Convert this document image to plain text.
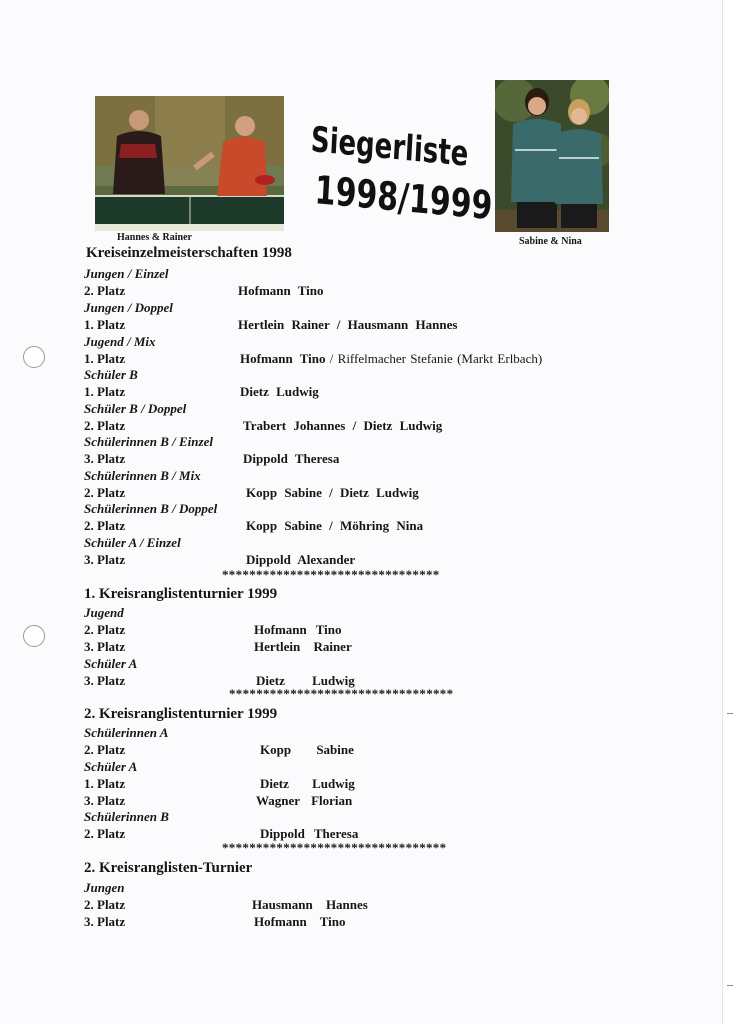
Hannes & Rainer	Sabine & Nina
Siegerliste
1998/1999
Kreiseinzelmeisterschaften 1998
Jungen / Einzel
2. Platz	Hofmann Tino
Jungen / Doppel
1. Platz	Hertlein Rainer / Hausmann Hannes
Jugend / Mix
1. Platz	Hofmann Tino / Riffelmacher Stefanie (Markt Erlbach)
Schüler B
1. Platz	Dietz Ludwig
Schüler B / Doppel
2. Platz	Trabert Johannes / Dietz Ludwig
Schülerinnen B / Einzel
3. Platz	Dippold Theresa
Schülerinnen B / Mix
2. Platz	Kopp Sabine / Dietz Ludwig
Schülerinnen B / Doppel
2. Platz	Kopp Sabine / Möhring Nina
Schüler A / Einzel
3. Platz	Dippold Alexander
********************************
1. Kreisranglistenturnier 1999
Jugend
2. Platz	Hofmann Tino
3. Platz	Hertlein Rainer
Schüler A
3. Platz	Dietz Ludwig
*********************************
2. Kreisranglistenturnier 1999
Schülerinnen A
2. Platz	Kopp Sabine
Schüler A
1. Platz	Dietz Ludwig
3. Platz	Wagner Florian
Schülerinnen B
2. Platz	Dippold Theresa
*********************************
2. Kreisranglisten-Turnier
Jungen
2. Platz	Hausmann Hannes
3. Platz	Hofmann Tino
